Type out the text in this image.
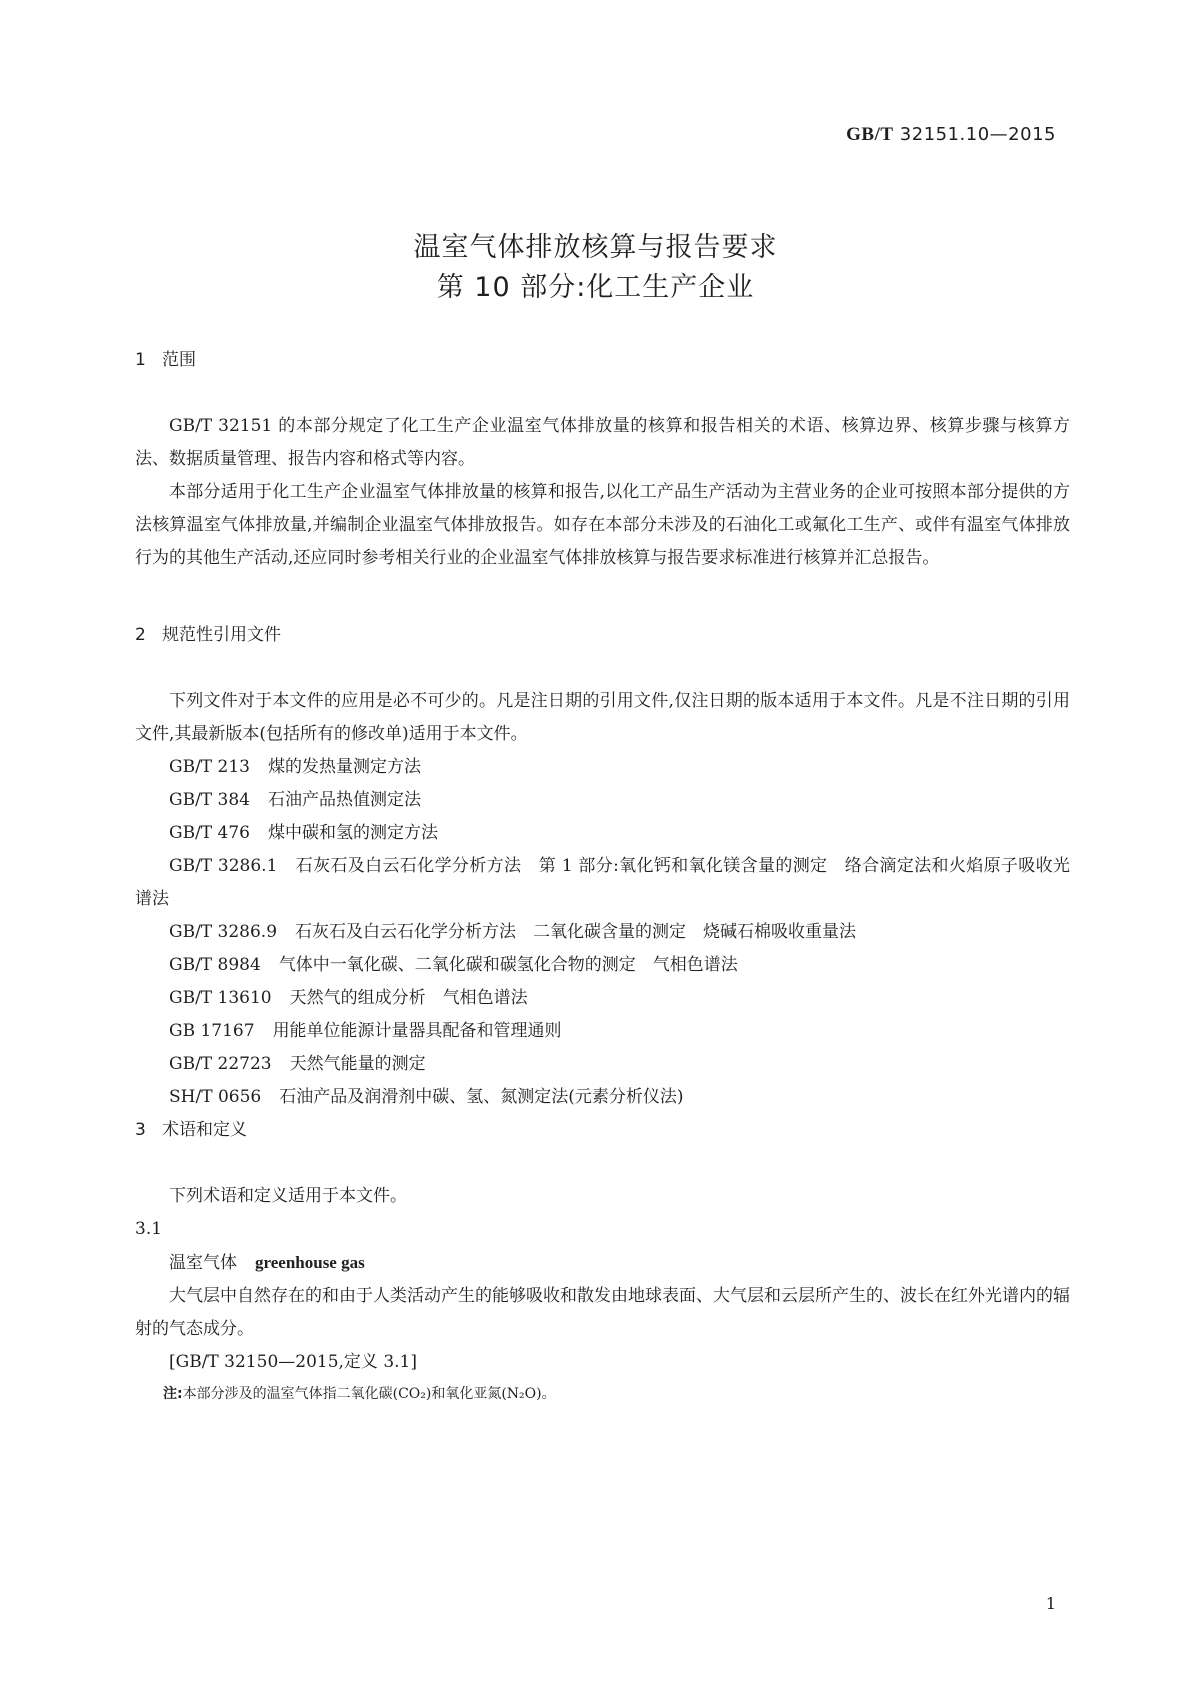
GB/T 32151.10—2015
温室气体排放核算与报告要求
第 10 部分:化工生产企业
1 范围

GB/T 32151 的本部分规定了化工生产企业温室气体排放量的核算和报告相关的术语、核算边界、核算步骤与核算方法、数据质量管理、报告内容和格式等内容。

本部分适用于化工生产企业温室气体排放量的核算和报告,以化工产品生产活动为主营业务的企业可按照本部分提供的方法核算温室气体排放量,并编制企业温室气体排放报告。如存在本部分未涉及的石油化工或氟化工生产、或伴有温室气体排放行为的其他生产活动,还应同时参考相关行业的企业温室气体排放核算与报告要求标准进行核算并汇总报告。

2 规范性引用文件

下列文件对于本文件的应用是必不可少的。凡是注日期的引用文件,仅注日期的版本适用于本文件。凡是不注日期的引用文件,其最新版本(包括所有的修改单)适用于本文件。

GB/T 213 煤的发热量测定方法
GB/T 384 石油产品热值测定法
GB/T 476 煤中碳和氢的测定方法
GB/T 3286.1 石灰石及白云石化学分析方法　第 1 部分:氧化钙和氧化镁含量的测定　络合滴定法和火焰原子吸收光谱法
GB/T 3286.9 石灰石及白云石化学分析方法　二氧化碳含量的测定　烧碱石棉吸收重量法
GB/T 8984 气体中一氧化碳、二氧化碳和碳氢化合物的测定　气相色谱法
GB/T 13610 天然气的组成分析　气相色谱法
GB 17167 用能单位能源计量器具配备和管理通则
GB/T 22723 天然气能量的测定
SH/T 0656 石油产品及润滑剂中碳、氢、氮测定法(元素分析仪法)
3 术语和定义

下列术语和定义适用于本文件。

3.1
温室气体 greenhouse gas

大气层中自然存在的和由于人类活动产生的能够吸收和散发由地球表面、大气层和云层所产生的、波长在红外光谱内的辐射的气态成分。

[GB/T 32150—2015,定义 3.1]
注:本部分涉及的温室气体指二氧化碳(CO₂)和氧化亚氮(N₂O)。
1
